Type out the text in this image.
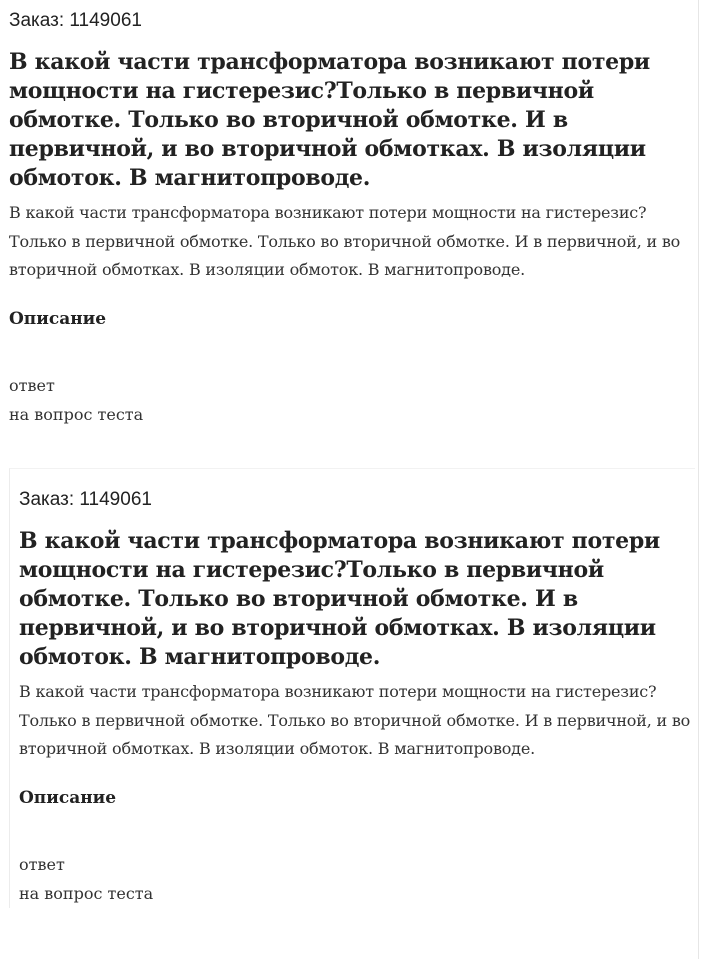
Заказ: 1149061

В какой части трансформатора возникают потери мощности на гистерезис?Только в первичной обмотке. Только во вторичной обмотке. И в первичной, и во вторичной обмотках. В изоляции обмоток. В магнитопроводе.

В какой части трансформатора возникают потери мощности на гистерезис?Только в первичной обмотке. Только во вторичной обмотке. И в первичной, и во вторичной обмотках. В изоляции обмоток. В магнитопроводе.

Описание

ответ

на вопрос теста

Заказ: 1149061

В какой части трансформатора возникают потери мощности на гистерезис?Только в первичной обмотке. Только во вторичной обмотке. И в первичной, и во вторичной обмотках. В изоляции обмоток. В магнитопроводе.

В какой части трансформатора возникают потери мощности на гистерезис?Только в первичной обмотке. Только во вторичной обмотке. И в первичной, и во вторичной обмотках. В изоляции обмоток. В магнитопроводе.

Описание

ответ

на вопрос теста
